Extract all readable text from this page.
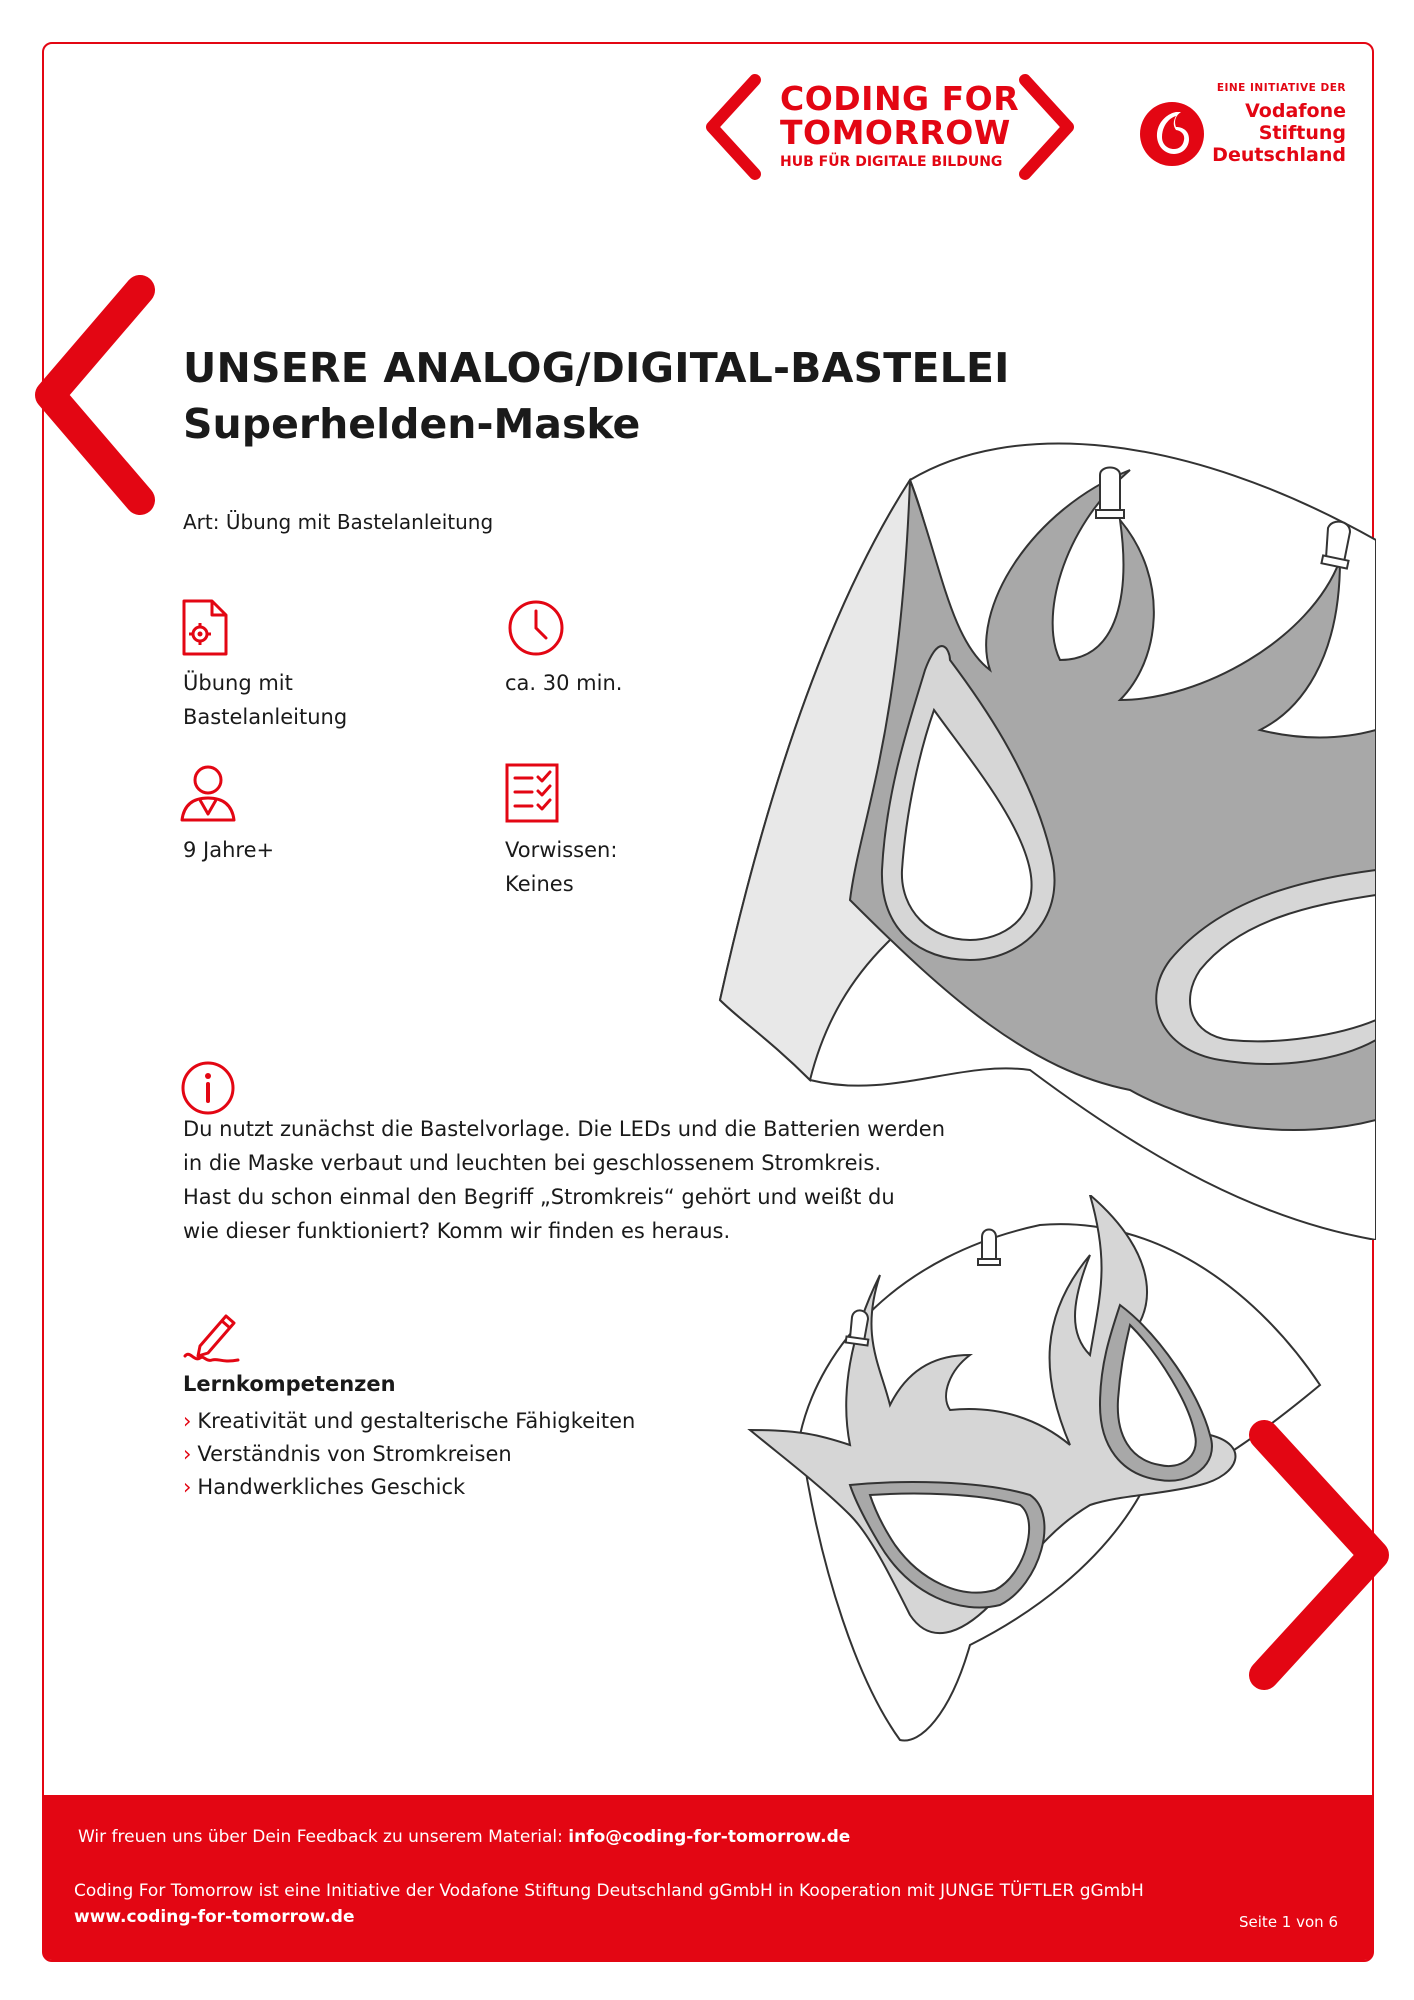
CODING FOR
TOMORROW
HUB FÜR DIGITALE BILDUNG
EINE INITIATIVE DER
Vodafone
Stiftung
Deutschland
UNSERE ANALOG/DIGITAL-BASTELEI
Superhelden-Maske
Art: Übung mit Bastelanleitung
Übung mit
Bastelanleitung
ca. 30 min.
9 Jahre+	Vorwissen:
Keines
Du nutzt zunächst die Bastelvorlage. Die LEDs und die Batterien werden
in die Maske verbaut und leuchten bei geschlossenem Stromkreis.
Hast du schon einmal den Begriff „Stromkreis“ gehört und weißt du
wie dieser funktioniert? Komm wir finden es heraus.
Lernkompetenzen
› Kreativität und gestalterische Fähigkeiten
› Verständnis von Stromkreisen
› Handwerkliches Geschick
Wir freuen uns über Dein Feedback zu unserem Material: info@coding-for-tomorrow.de
Coding For Tomorrow ist eine Initiative der Vodafone Stiftung Deutschland gGmbH in Kooperation mit JUNGE TÜFTLER gGmbH
www.coding-for-tomorrow.de	Seite 1 von 6
